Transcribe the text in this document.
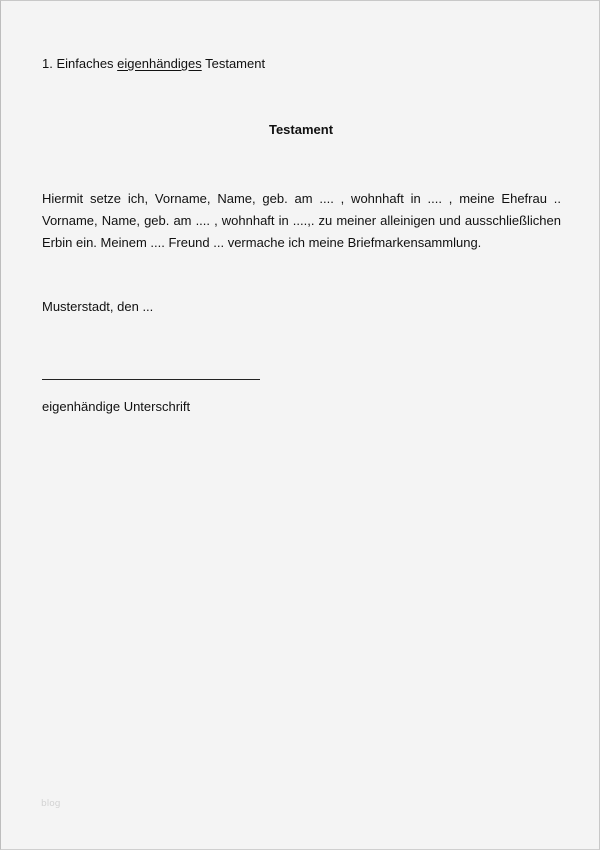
1. Einfaches eigenhändiges Testament
Testament
Hiermit setze ich, Vorname, Name, geb. am .... , wohnhaft in .... , meine Ehefrau .. Vorname, Name, geb. am .... , wohnhaft in ....,. zu meiner alleinigen und ausschließlichen Erbin ein. Meinem .... Freund ... vermache ich meine Briefmarkensammlung.
Musterstadt, den ...
eigenhändige Unterschrift
blog
